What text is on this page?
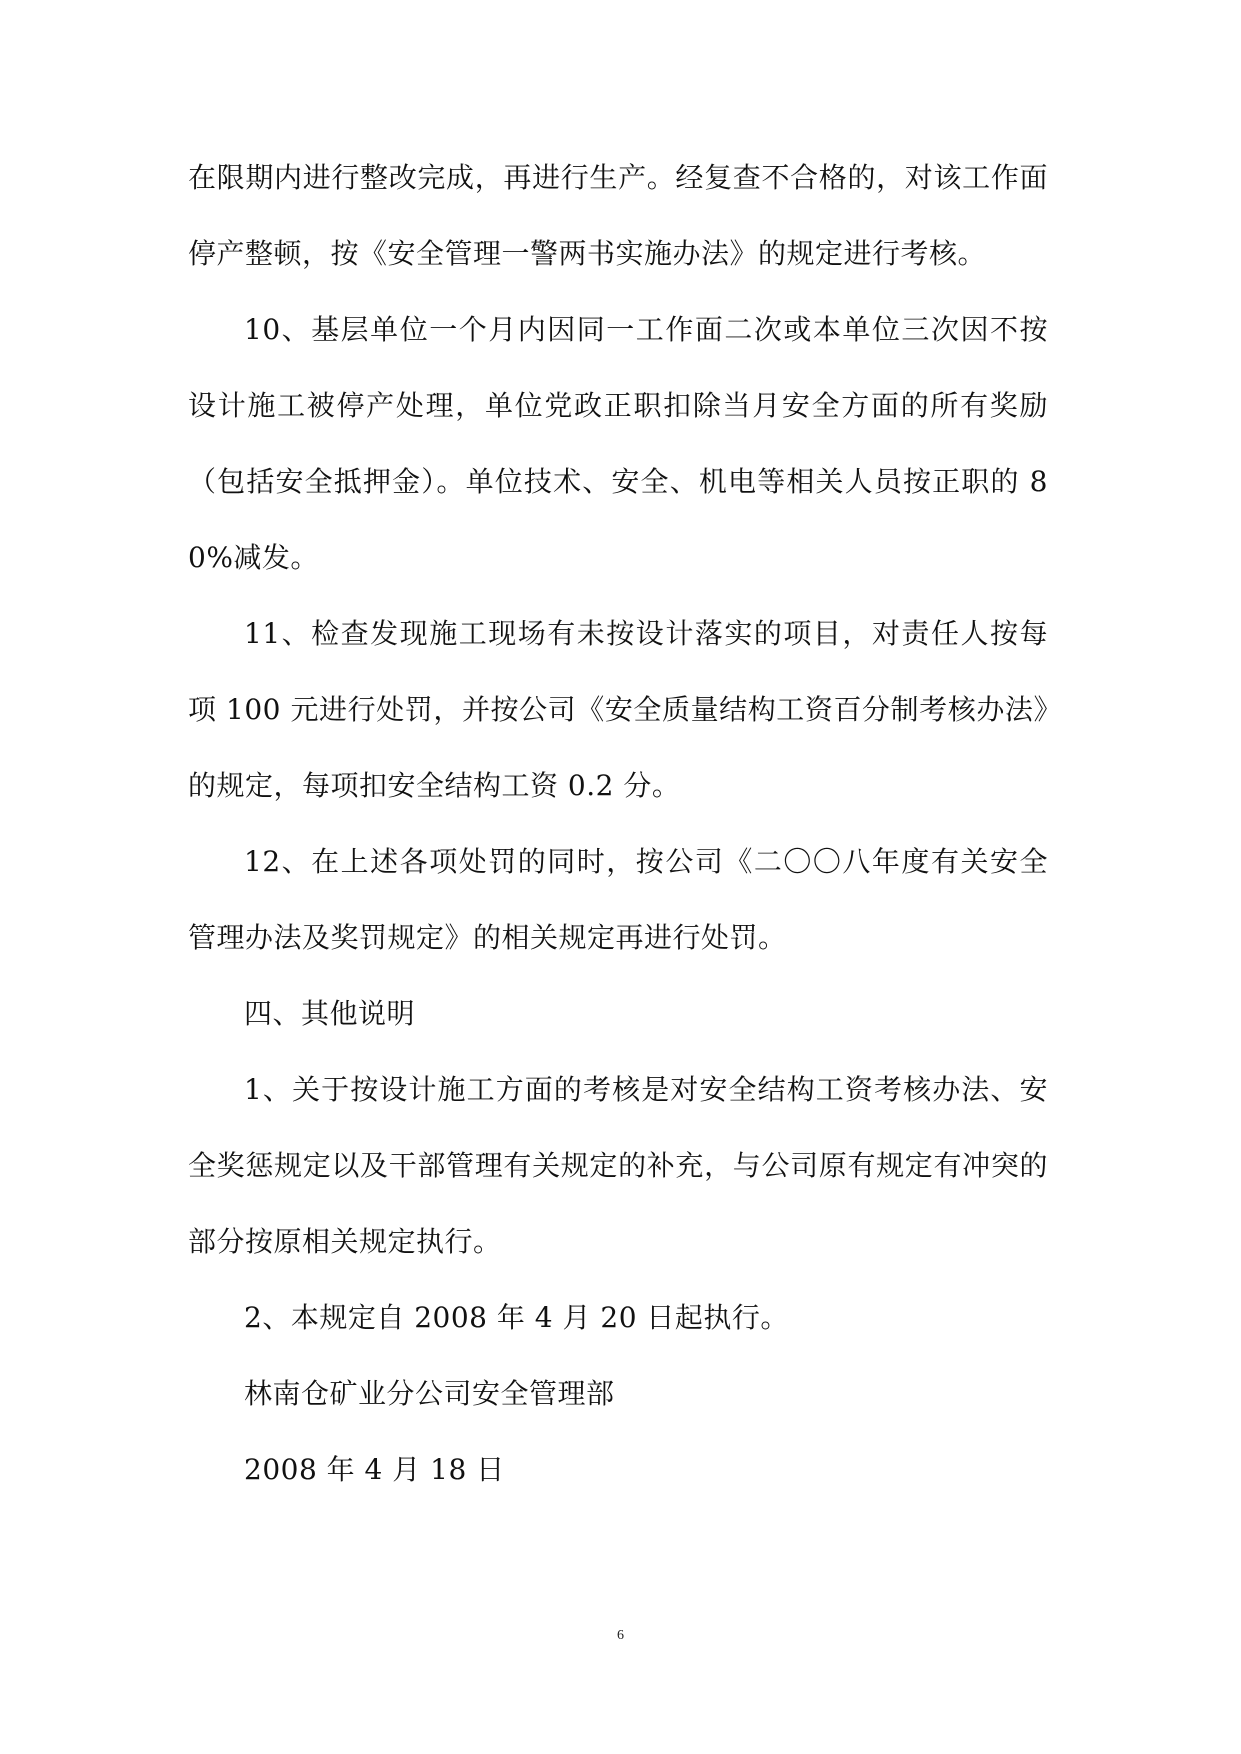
在限期内进行整改完成，再进行生产。经复查不合格的，对该工作面停产整顿，按《安全管理一警两书实施办法》的规定进行考核。

10、基层单位一个月内因同一工作面二次或本单位三次因不按设计施工被停产处理，单位党政正职扣除当月安全方面的所有奖励（包括安全抵押金）。单位技术、安全、机电等相关人员按正职的 80%减发。

11、检查发现施工现场有未按设计落实的项目，对责任人按每项 100 元进行处罚，并按公司《安全质量结构工资百分制考核办法》的规定，每项扣安全结构工资 0.2 分。

12、在上述各项处罚的同时，按公司《二〇〇八年度有关安全管理办法及奖罚规定》的相关规定再进行处罚。

四、其他说明

1、关于按设计施工方面的考核是对安全结构工资考核办法、安全奖惩规定以及干部管理有关规定的补充，与公司原有规定有冲突的部分按原相关规定执行。

2、本规定自 2008 年 4 月 20 日起执行。

林南仓矿业分公司安全管理部

2008 年 4 月 18 日

6
